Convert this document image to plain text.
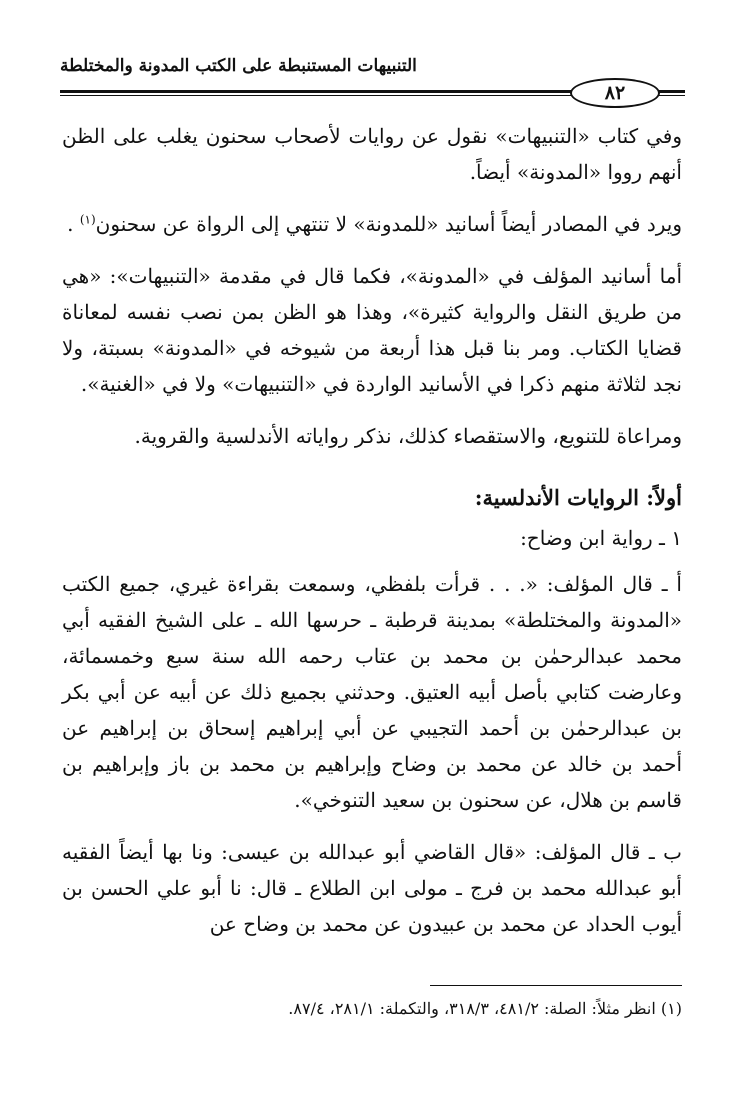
التنبيهات المستنبطة على الكتب المدونة والمختلطة
٨٢

وفي كتاب «التنبيهات» نقول عن روايات لأصحاب سحنون يغلب على الظن أنهم رووا «المدونة» أيضاً.

ويرد في المصادر أيضاً أسانيد «للمدونة» لا تنتهي إلى الرواة عن سحنون$^{(١)}$ .

أما أسانيد المؤلف في «المدونة»، فكما قال في مقدمة «التنبيهات»: «هي من طريق النقل والرواية كثيرة»، وهذا هو الظن بمن نصب نفسه لمعاناة قضايا الكتاب. ومر بنا قبل هذا أربعة من شيوخه في «المدونة» بسبتة، ولا نجد لثلاثة منهم ذكرا في الأسانيد الواردة في «التنبيهات» ولا في «الغنية».

ومراعاة للتنويع، والاستقصاء كذلك، نذكر رواياته الأندلسية والقروية.

أولاً: الروايات الأندلسية:

١ ـ رواية ابن وضاح:

أ ـ قال المؤلف: «. . . قرأت بلفظي، وسمعت بقراءة غيري، جميع الكتب «المدونة والمختلطة» بمدينة قرطبة ـ حرسها الله ـ على الشيخ الفقيه أبي محمد عبدالرحمٰن بن محمد بن عتاب رحمه الله سنة سبع وخمسمائة، وعارضت كتابي بأصل أبيه العتيق. وحدثني بجميع ذلك عن أبيه عن أبي بكر بن عبدالرحمٰن بن أحمد التجيبي عن أبي إبراهيم إسحاق بن إبراهيم عن أحمد بن خالد عن محمد بن وضاح وإبراهيم بن محمد بن باز وإبراهيم بن قاسم بن هلال، عن سحنون بن سعيد التنوخي».

ب ـ قال المؤلف: «قال القاضي أبو عبدالله بن عيسى: ونا بها أيضاً الفقيه أبو عبدالله محمد بن فرج ـ مولى ابن الطلاع ـ قال: نا أبو علي الحسن بن أيوب الحداد عن محمد بن عبيدون عن محمد بن وضاح عن

(١) انظر مثلاً: الصلة: ٤٨١/٢، ٣١٨/٣، والتكملة: ٢٨١/١، ٨٧/٤.
